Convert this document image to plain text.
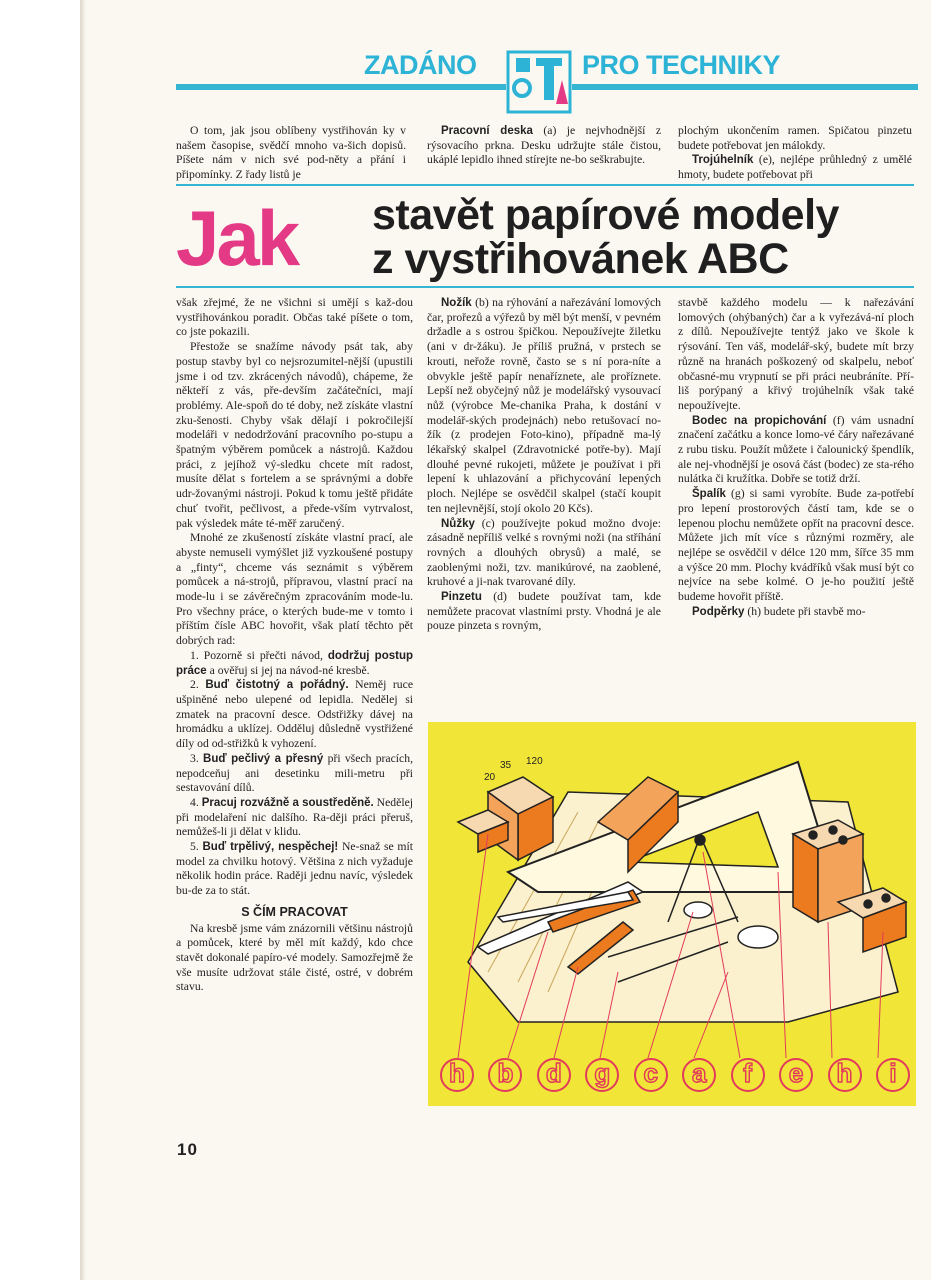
ZADÁNO	PRO TECHNIKY

O tom, jak jsou oblíbeny vystřihován ky v našem časopise, svědčí mnoho va-šich dopisů. Píšete nám v nich své pod-něty a přání i připomínky. Z řady listů je

Pracovní deska (a) je nejvhodnější z rýsovacího prkna. Desku udržujte stále čistou, ukáplé lepidlo ihned stírejte ne-bo seškrabujte.

plochým ukončením ramen. Spičatou pinzetu budete potřebovat jen málokdy.

Trojúhelník (e), nejlépe průhledný z umělé hmoty, budete potřebovat při

Jak stavět papírové modely
z vystřihovánek ABC

však zřejmé, že ne všichni si umějí s kaž-dou vystřihovánkou poradit. Občas také píšete o tom, co jste pokazili.

Přestože se snažíme návody psát tak, aby postup stavby byl co nejsrozumitel-nější (upustili jsme i od tzv. zkrácených návodů), chápeme, že někteří z vás, pře-devším začátečníci, mají problémy. Ale-spoň do té doby, než získáte vlastní zku-šenosti. Chyby však dělají i pokročilejší modeláři v nedodržování pracovního po-stupu a špatným výběrem pomůcek a nástrojů. Každou práci, z jejíhož vý-sledku chcete mít radost, musíte dělat s fortelem a se správnými a dobře udr-žovanými nástroji. Pokud k tomu ještě přidáte chuť tvořit, pečlivost, a přede-vším vytrvalost, pak výsledek máte té-měř zaručený.

Mnohé ze zkušeností získáte vlastní prací, ale abyste nemuseli vymýšlet již vyzkoušené postupy a „finty“, chceme vás seznámit s výběrem pomůcek a ná-strojů, přípravou, vlastní prací na mode-lu i se závěrečným zpracováním mode-lu. Pro všechny práce, o kterých bude-me v tomto i příštím čísle ABC hovořit, však platí těchto pět dobrých rad:

1. Pozorně si přečti návod, dodržuj postup práce a ověřuj si jej na návod-né kresbě.

2. Buď čistotný a pořádný. Neměj ruce ušpiněné nebo ulepené od lepidla. Nedělej si zmatek na pracovní desce. Odstřižky dávej na hromádku a uklízej. Odděluj důsledně vystřižené díly od od-střižků k vyhození.

3. Buď pečlivý a přesný při všech pracích, nepodceňuj ani desetinku mili-metru při sestavování dílů.

4. Pracuj rozvážně a soustředěně. Nedělej při modelaření nic dalšího. Ra-ději práci přeruš, nemůžeš-li ji dělat v klidu.

5. Buď trpělivý, nespěchej! Ne-snaž se mít model za chvilku hotový. Většina z nich vyžaduje několik hodin práce. Raději jednu navíc, výsledek bu-de za to stát.

S ČÍM PRACOVAT

Na kresbě jsme vám znázornili většinu nástrojů a pomůcek, které by měl mít každý, kdo chce stavět dokonalé papíro-vé modely. Samozřejmě že vše musíte udržovat stále čisté, ostré, v dobrém stavu.

Nožík (b) na rýhování a nařezávání lomových čar, prořezů a výřezů by měl být menší, v pevném držadle a s ostrou špičkou. Nepoužívejte žiletku (ani v dr-žáku). Je příliš pružná, v prstech se krouti, neřože rovně, často se s ní pora-níte a obvykle ještě papír nenaříznete, ale proříznete. Lepší než obyčejný nůž je modelářský vysouvací nůž (výrobce Me-chanika Praha, k dostání v modelář-ských prodejnách) nebo retušovací no-žík (z prodejen Foto-kino), případně ma-lý lékařský skalpel (Zdravotnické potře-by). Mají dlouhé pevné rukojeti, můžete je používat i při lepení k uhlazování a přichycování lepených ploch. Nejlépe se osvědčil skalpel (stačí koupit ten nejlevnější, stojí okolo 20 Kčs).

Nůžky (c) používejte pokud možno dvoje: zásadně nepříliš velké s rovnými noži (na stříhání rovných a dlouhých obrysů) a malé, se zaoblenými noži, tzv. manikúrové, na zaoblené, kruhové a ji-nak tvarované díly.

Pinzetu (d) budete používat tam, kde nemůžete pracovat vlastními prsty. Vhodná je ale pouze pinzeta s rovným,

stavbě každého modelu — k nařezávání lomových (ohýbaných) čar a k vyřezává-ní ploch z dílů. Nepoužívejte tentýž jako ve škole k rýsování. Ten váš, modelář-ský, budete mít brzy různě na hranách poškozený od skalpelu, neboť občasné-mu vrypnutí se při práci neubráníte. Pří-liš porýpaný a křivý trojúhelník však také nepoužívejte.

Bodec na propichování (f) vám usnadní značení začátku a konce lomo-vé čáry nařezávané z rubu tisku. Použít můžete i čalounický špendlík, ale nej-vhodnější je osová část (bodec) ze sta-rého nulátka či kružítka. Dobře se totiž drží.

Špalík (g) si sami vyrobíte. Bude za-potřebí pro lepení prostorových částí tam, kde se o lepenou plochu nemůžete opřít na pracovní desce. Můžete jich mít více s různými rozměry, ale nejlépe se osvědčil v délce 120 mm, šířce 35 mm a výšce 20 mm. Plochy kvádříků však musí být co nejvíce na sebe kolmé. O je-ho použití ještě budeme hovořit příště.

Podpěrky (h) budete při stavbě mo-

20
35 120
h	b	d	g	c	a	f	e	h	i
10
